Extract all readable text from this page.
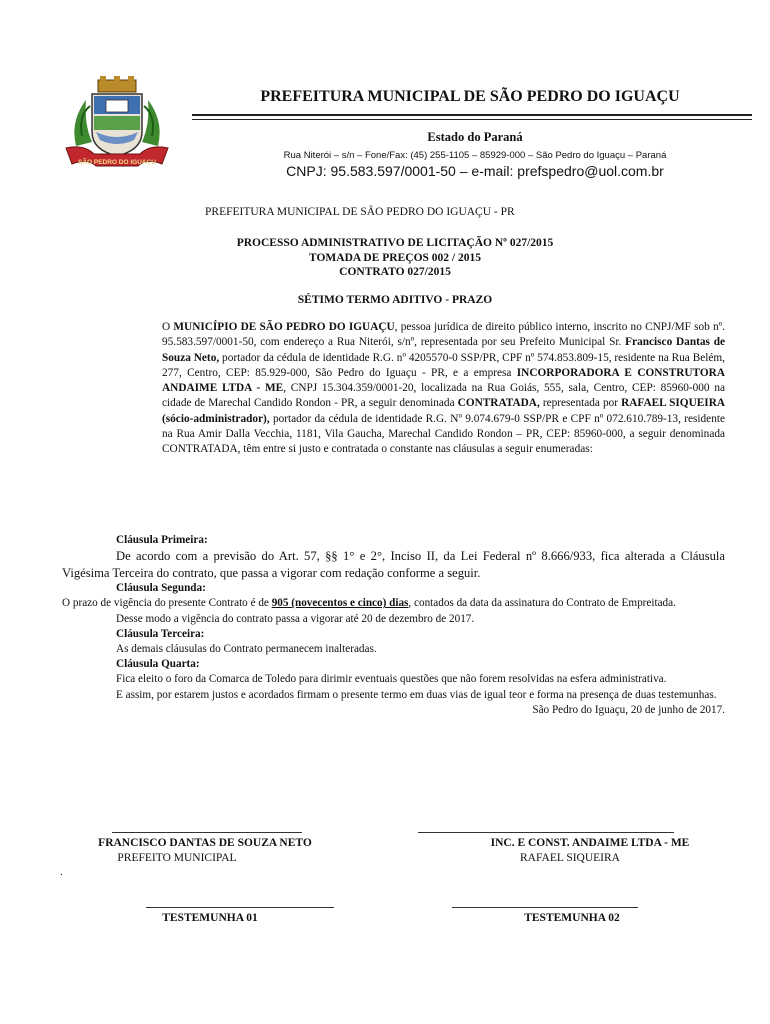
SÃO PEDRO DO IGUAÇU
PREFEITURA MUNICIPAL DE SÃO PEDRO DO IGUAÇU
Estado do Paraná
Rua Niterói – s/n – Fone/Fax: (45) 255-1105 – 85929-000 – São Pedro do Iguaçu – Paraná
CNPJ: 95.583.597/0001-50 – e-mail: prefspedro@uol.com.br
PREFEITURA MUNICIPAL DE SÃO PEDRO DO IGUAÇU - PR
PROCESSO ADMINISTRATIVO DE LICITAÇÃO Nº 027/2015
TOMADA DE PREÇOS 002 / 2015
CONTRATO 027/2015
SÉTIMO TERMO ADITIVO - PRAZO
O MUNICÍPIO DE SÃO PEDRO DO IGUAÇU, pessoa jurídica de direito público interno, inscrito no CNPJ/MF sob nº. 95.583.597/0001-50, com endereço a Rua Niterói, s/nº, representada por seu Prefeito Municipal Sr. Francisco Dantas de Souza Neto, portador da cédula de identidade R.G. nº 4205570-0 SSP/PR, CPF nº 574.853.809-15, residente na Rua Belém, 277, Centro, CEP: 85.929-000, São Pedro do Iguaçu - PR, e a empresa INCORPORADORA E CONSTRUTORA ANDAIME LTDA - ME, CNPJ 15.304.359/0001-20, localizada na Rua Goiás, 555, sala, Centro, CEP: 85960-000 na cidade de Marechal Candido Rondon - PR, a seguir denominada CONTRATADA, representada por RAFAEL SIQUEIRA (sócio-administrador), portador da cédula de identidade R.G. Nº 9.074.679-0 SSP/PR e CPF nº 072.610.789-13, residente na Rua Amir Dalla Vecchia, 1181, Vila Gaucha, Marechal Candido Rondon – PR, CEP: 85960-000, a seguir denominada CONTRATADA, têm entre si justo e contratada o constante nas cláusulas a seguir enumeradas:

Cláusula Primeira:

De acordo com a previsão do Art. 57, §§ 1° e 2°, Inciso II, da Lei Federal nº 8.666/933, fica alterada a Cláusula Vigésima Terceira do contrato, que passa a vigorar com redação conforme a seguir.

Cláusula Segunda:

O prazo de vigência do presente Contrato é de 905 (novecentos e cinco) dias, contados da data da assinatura do Contrato de Empreitada.

Desse modo a vigência do contrato passa a vigorar até 20 de dezembro de 2017.

Cláusula Terceira:

As demais cláusulas do Contrato permanecem inalteradas.

Cláusula Quarta:

Fica eleito o foro da Comarca de Toledo para dirimir eventuais questões que não forem resolvidas na esfera administrativa.

E assim, por estarem justos e acordados firmam o presente termo em duas vias de igual teor e forma na presença de duas testemunhas.

São Pedro do Iguaçu, 20 de junho de 2017.

FRANCISCO DANTAS DE SOUZA NETO
PREFEITO MUNICIPAL
INC. E CONST. ANDAIME LTDA - ME
RAFAEL SIQUEIRA
.
TESTEMUNHA 01	TESTEMUNHA 02
